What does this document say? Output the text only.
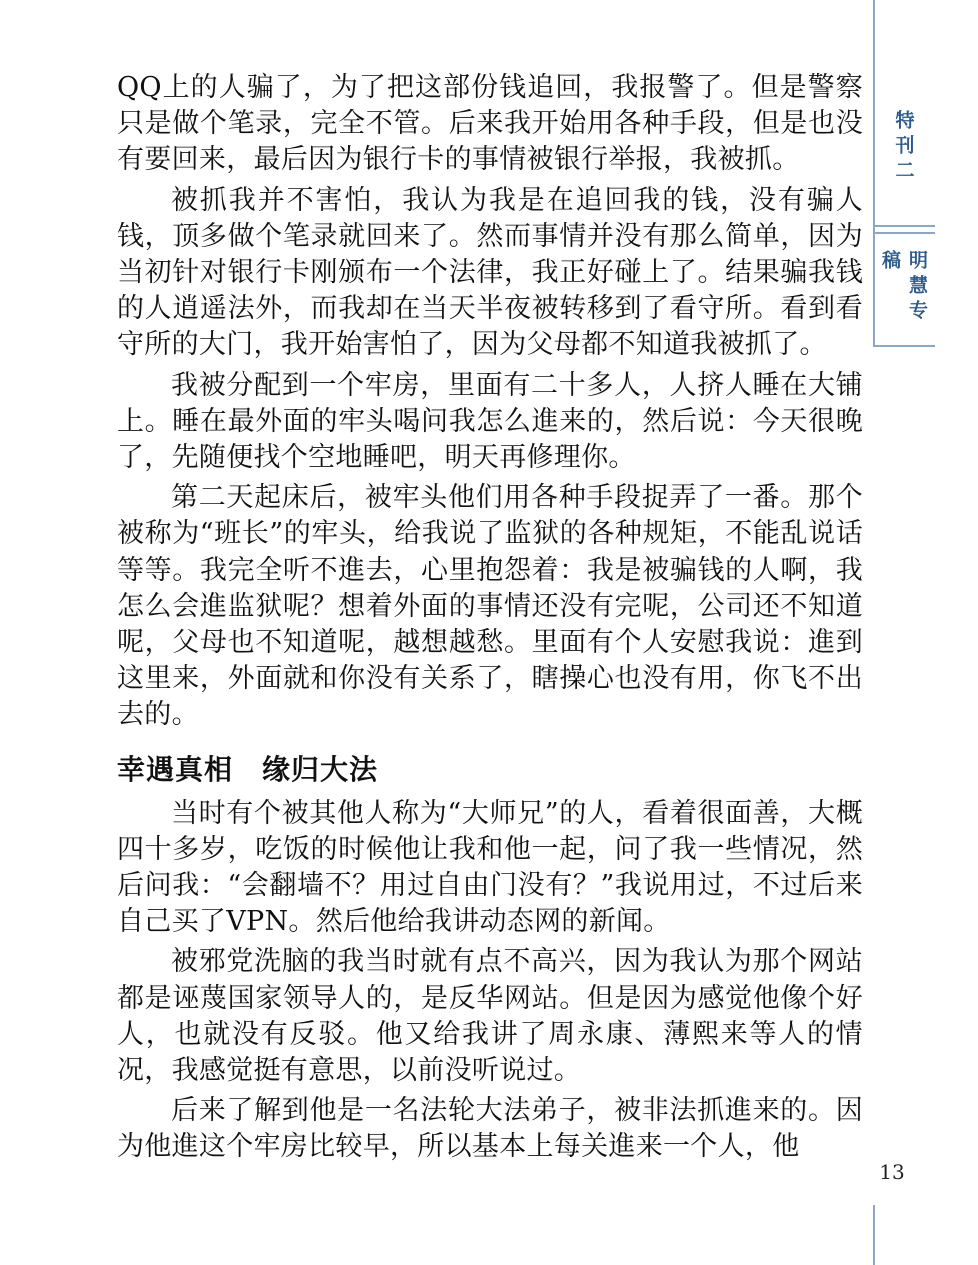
特刊二
明慧专稿
13

QQ上的人骗了，为了把这部份钱追回，我报警了。但是警察只是做个笔录，完全不管。后来我开始用各种手段，但是也没有要回来，最后因为银行卡的事情被银行举报，我被抓。

被抓我并不害怕，我认为我是在追回我的钱，没有骗人钱，顶多做个笔录就回来了。然而事情并没有那么简单，因为当初针对银行卡刚颁布一个法律，我正好碰上了。结果骗我钱的人逍遥法外，而我却在当天半夜被转移到了看守所。看到看守所的大门，我开始害怕了，因为父母都不知道我被抓了。

我被分配到一个牢房，里面有二十多人，人挤人睡在大铺上。睡在最外面的牢头喝问我怎么進来的，然后说：今天很晚了，先随便找个空地睡吧，明天再修理你。

第二天起床后，被牢头他们用各种手段捉弄了一番。那个被称为“班长”的牢头，给我说了监狱的各种规矩，不能乱说话等等。我完全听不進去，心里抱怨着：我是被骗钱的人啊，我怎么会進监狱呢？想着外面的事情还没有完呢，公司还不知道呢，父母也不知道呢，越想越愁。里面有个人安慰我说：進到这里来，外面就和你没有关系了，瞎操心也没有用，你飞不出去的。

幸遇真相　缘归大法

当时有个被其他人称为“大师兄”的人，看着很面善，大概四十多岁，吃饭的时候他让我和他一起，问了我一些情况，然后问我：“会翻墙不？用过自由门没有？”我说用过，不过后来自己买了VPN。然后他给我讲动态网的新闻。

被邪党洗脑的我当时就有点不高兴，因为我认为那个网站都是诬蔑国家领导人的，是反华网站。但是因为感觉他像个好人，也就没有反驳。他又给我讲了周永康、薄熙来等人的情况，我感觉挺有意思，以前没听说过。

后来了解到他是一名法轮大法弟子，被非法抓進来的。因为他進这个牢房比较早，所以基本上每关進来一个人，他
